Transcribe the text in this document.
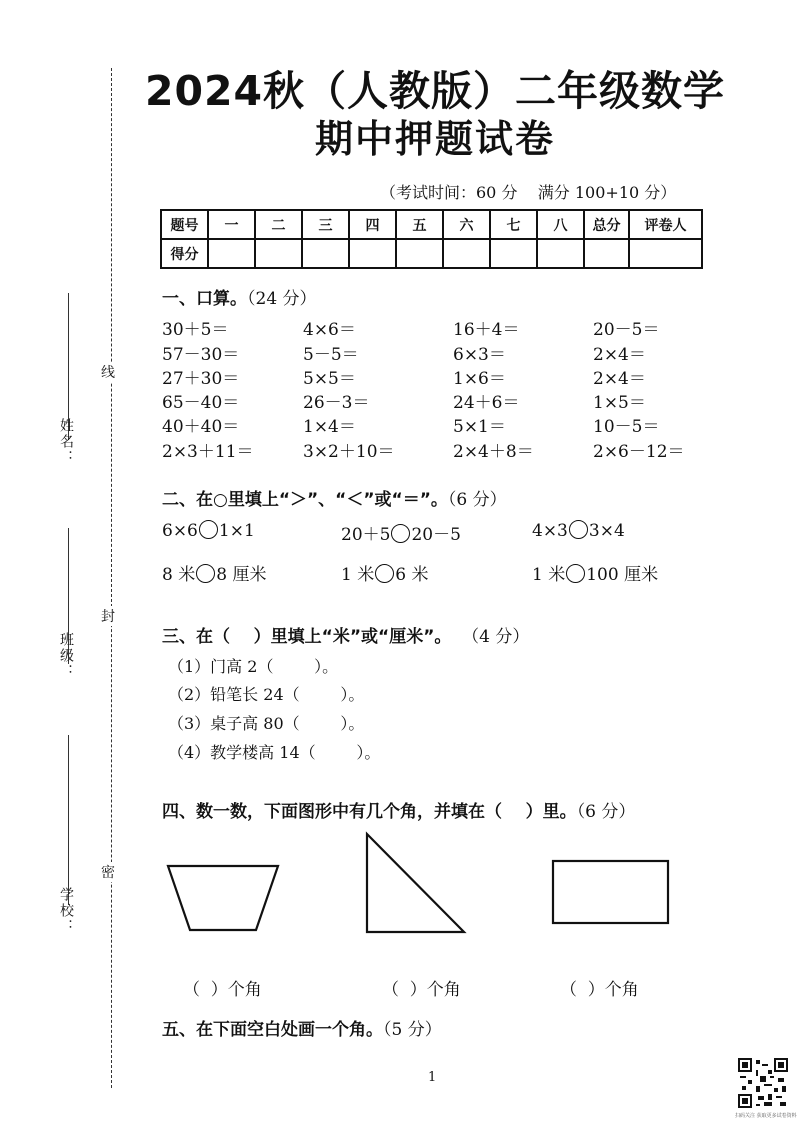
姓名：
班级：
学校：
线
封
密
2024秋（人教版）二年级数学
期中押题试卷
（考试时间：60 分    满分 100+10 分）
题号	一	二	三	四	五	六	七	八	总分	评卷人
得分										
一、口算。（24 分）
30＋5＝	4×6＝	16＋4＝	20－5＝
57－30＝	5－5＝	6×3＝	2×4＝
27＋30＝	5×5＝	1×6＝	2×4＝
65－40＝	26－3＝	24＋6＝	1×5＝
40＋40＝	1×4＝	5×1＝	10－5＝
2×3＋11＝	3×2＋10＝	2×4＋8＝	2×6－12＝
二、在○里填上“＞”、“＜”或“＝”。（6 分）
6×6 1×1	20＋5 20－5	4×3 3×4
8 米 8 厘米	1 米 6 米	1 米 100 厘米
三、在（    ）里填上“米”或“厘米”。  （4 分）
（1）门高 2（        ）。
（2）铅笔长 24（        ）。
（3）桌子高 80（        ）。
（4）教学楼高 14（        ）。
四、数一数，下面图形中有几个角，并填在（    ）里。（6 分）
（  ）个角	（  ）个角	（  ）个角
五、在下面空白处画一个角。（5 分）
1
扫码关注 获取更多试卷资料
